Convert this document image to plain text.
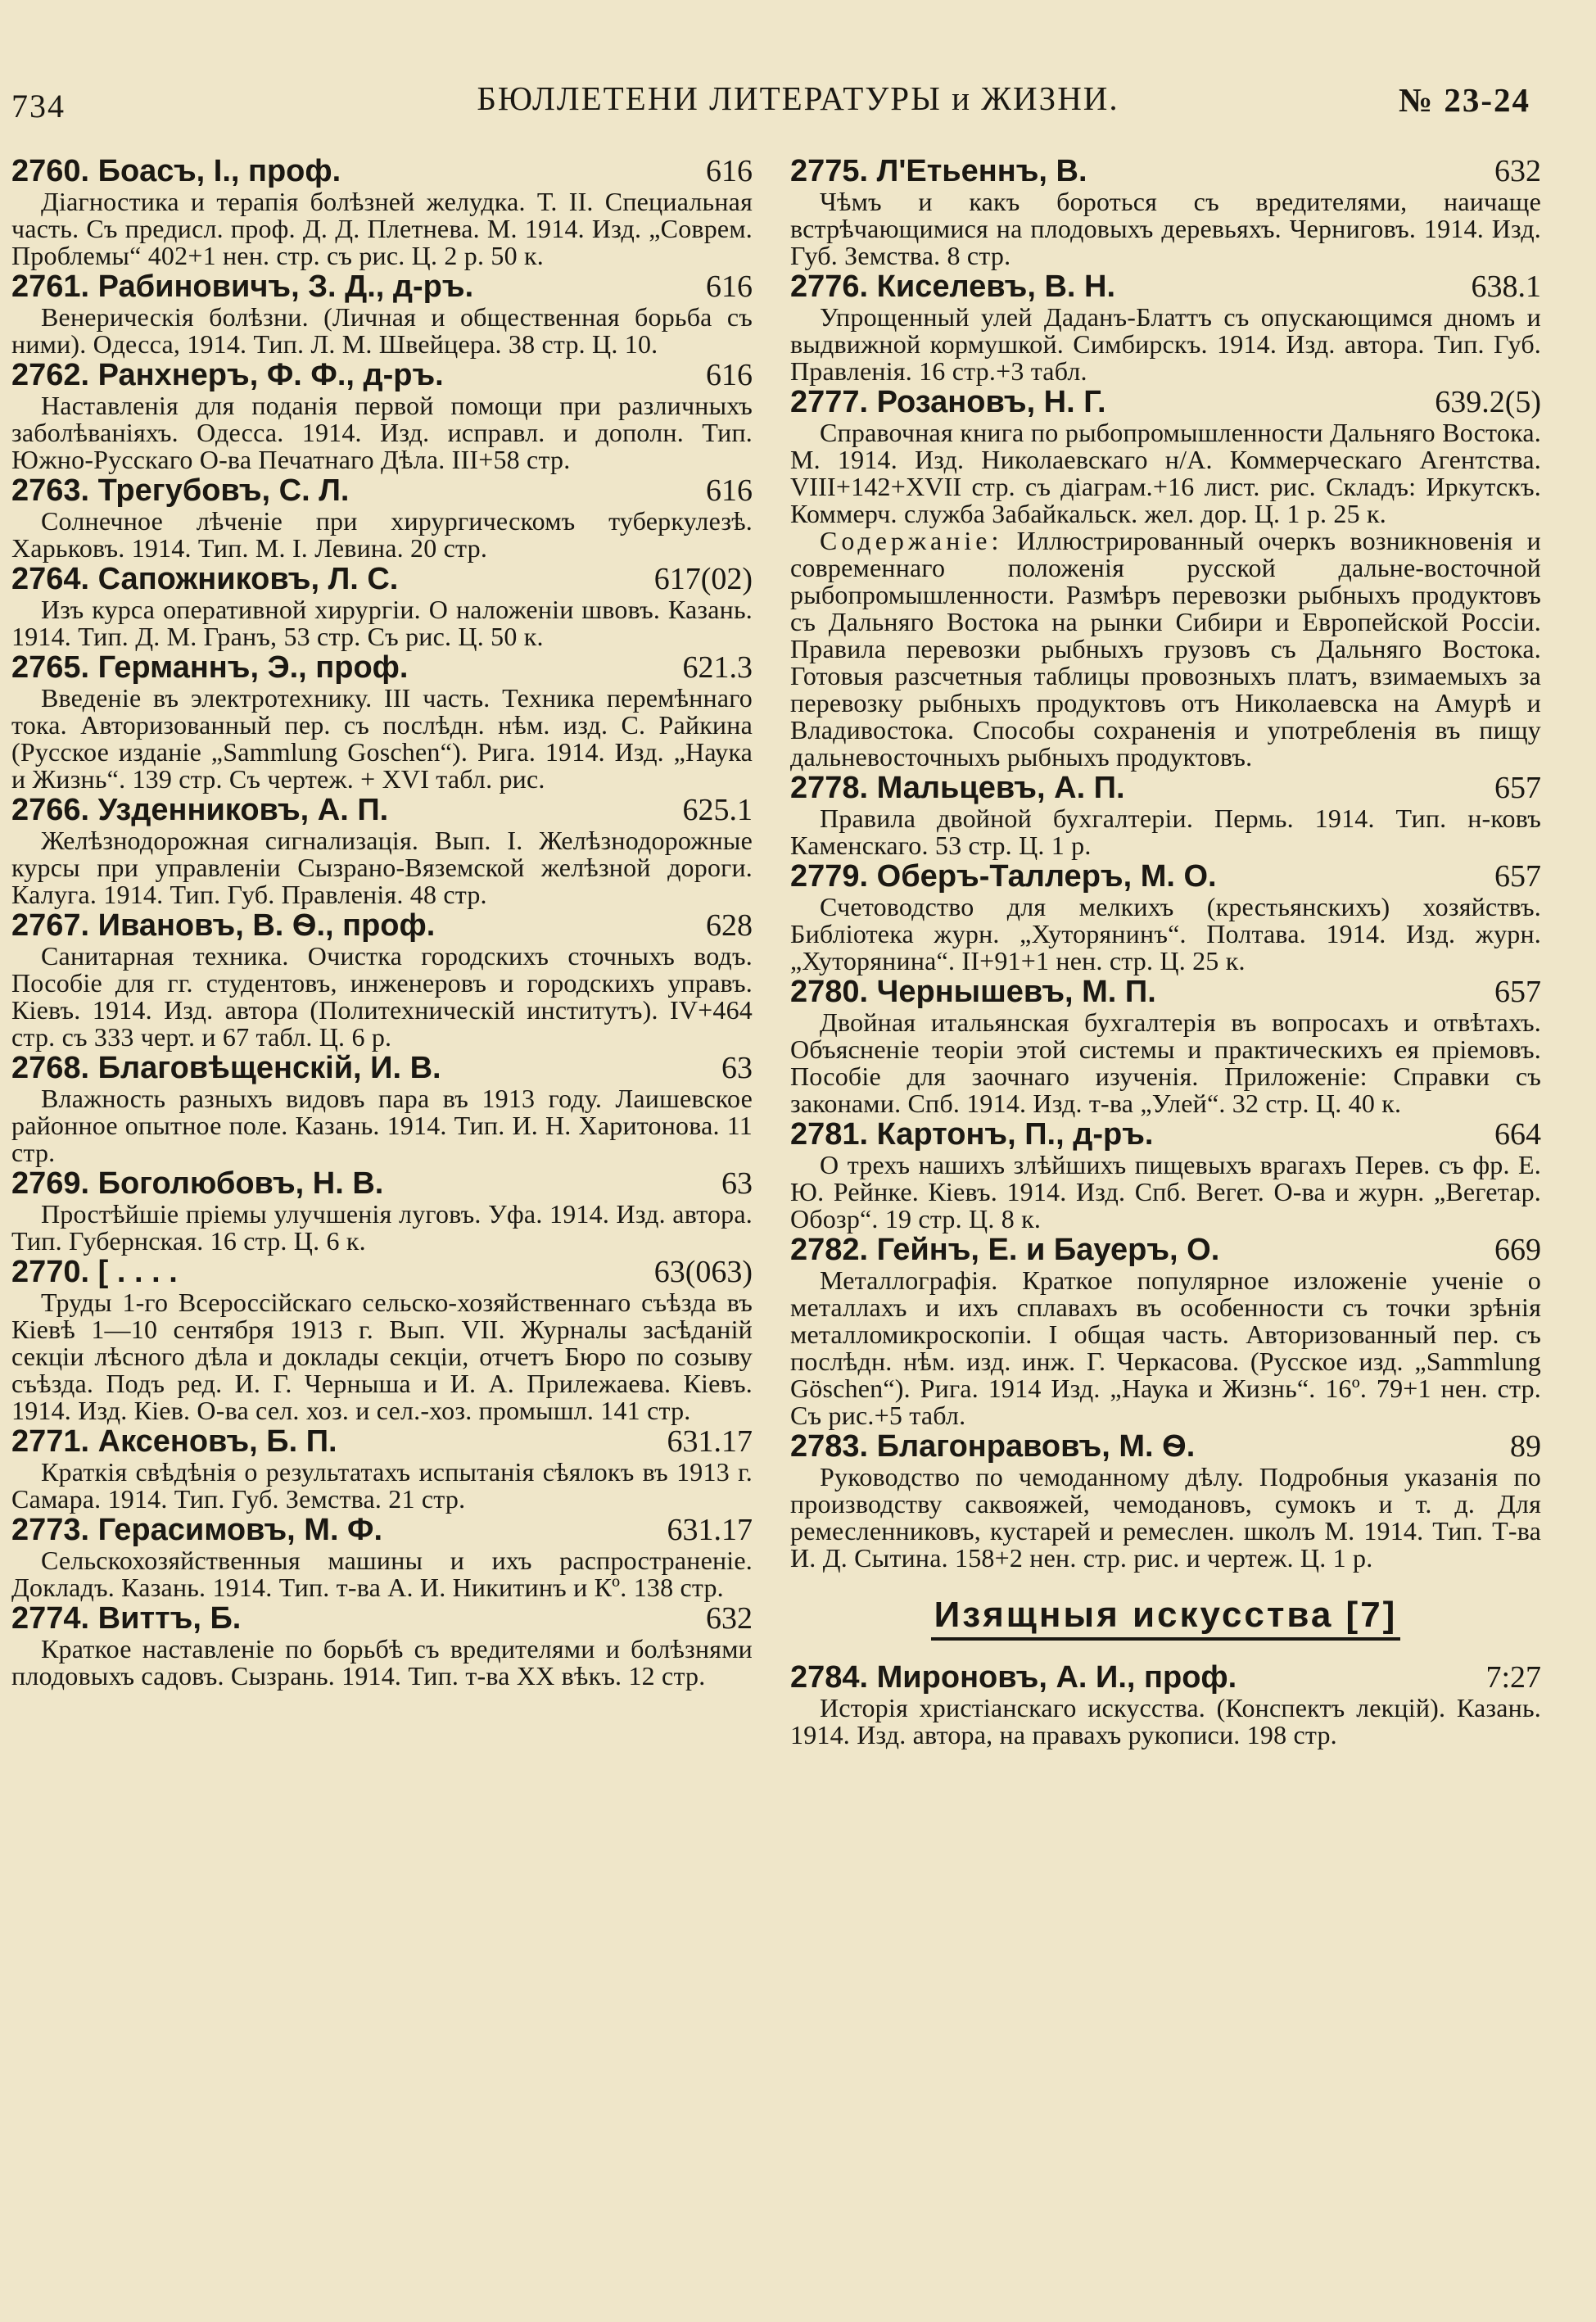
734	БЮЛЛЕТЕНИ ЛИТЕРАТУРЫ и ЖИЗНИ.	№ 23-24
2760. Боасъ, I., проф.	616

Діагностика и терапія болѣзней желудка. Т. II. Специальная часть. Съ предисл. проф. Д. Д. Плетнева. М. 1914. Изд. „Соврем. Проблемы“ 402+1 нен. стр. съ рис. Ц. 2 р. 50 к.

2761. Рабиновичъ, З. Д., д-ръ.	616

Венерическія болѣзни. (Личная и общественная борьба съ ними). Одесса, 1914. Тип. Л. М. Швейцера. 38 стр. Ц. 10.

2762. Ранхнеръ, Ф. Ф., д-ръ.	616

Наставленія для поданія первой помощи при различныхъ заболѣваніяхъ. Одесса. 1914. Изд. исправл. и дополн. Тип. Южно-Русскаго О-ва Печатнаго Дѣла. III+58 стр.

2763. Трегубовъ, С. Л.	616

Солнечное лѣченіе при хирургическомъ туберкулезѣ. Харьковъ. 1914. Тип. М. I. Левина. 20 стр.

2764. Сапожниковъ, Л. С.	617(02)

Изъ курса оперативной хирургіи. О наложеніи швовъ. Казань. 1914. Тип. Д. М. Гранъ, 53 стр. Съ рис. Ц. 50 к.

2765. Германнъ, Э., проф.	621.3

Введеніе въ электротехнику. III часть. Техника перемѣннаго тока. Авторизованный пер. съ послѣдн. нѣм. изд. С. Райкина (Русское изданіе „Sammlung Goschen“). Рига. 1914. Изд. „Наука и Жизнь“. 139 стр. Съ чертеж. + XVI табл. рис.

2766. Узденниковъ, А. П.	625.1

Желѣзнодорожная сигнализація. Вып. I. Желѣзнодорожные курсы при управленіи Сызрано-Вяземской желѣзной дороги. Калуга. 1914. Тип. Губ. Правленія. 48 стр.

2767. Ивановъ, В. Ѳ., проф.	628

Санитарная техника. Очистка городскихъ сточныхъ водъ. Пособіе для гг. студентовъ, инженеровъ и городскихъ управъ. Кіевъ. 1914. Изд. автора (Политехническій институтъ). IV+464 стр. съ 333 черт. и 67 табл. Ц. 6 р.

2768. Благовѣщенскій, И. В.	63

Влажность разныхъ видовъ пара въ 1913 году. Лаишевское районное опытное поле. Казань. 1914. Тип. И. Н. Харитонова. 11 стр.

2769. Боголюбовъ, Н. В.	63

Простѣйшіе пріемы улучшенія луговъ. Уфа. 1914. Изд. автора. Тип. Губернская. 16 стр. Ц. 6 к.

2770. [ . . . .	63(063)

Труды 1-го Всероссійскаго сельско-хозяйственнаго съѣзда въ Кіевѣ 1—10 сентября 1913 г. Вып. VII. Журналы засѣданій секціи лѣсного дѣла и доклады секціи, отчетъ Бюро по созыву съѣзда. Подъ ред. И. Г. Черныша и И. А. Прилежаева. Кіевъ. 1914. Изд. Кіев. О-ва сел. хоз. и сел.-хоз. промышл. 141 стр.

2771. Аксеновъ, Б. П.	631.17

Краткія свѣдѣнія о результатахъ испытанія сѣялокъ въ 1913 г. Самара. 1914. Тип. Губ. Земства. 21 стр.

2773. Герасимовъ, М. Ф.	631.17

Сельскохозяйственныя машины и ихъ распространеніе. Докладъ. Казань. 1914. Тип. т-ва А. И. Никитинъ и Кº. 138 стр.

2774. Виттъ, Б.	632

Краткое наставленіе по борьбѣ съ вредителями и болѣзнями плодовыхъ садовъ. Сызрань. 1914. Тип. т-ва XX вѣкъ. 12 стр.

2775. Л'Етьеннъ, В.	632

Чѣмъ и какъ бороться съ вредителями, наичаще встрѣчающимися на плодовыхъ деревьяхъ. Черниговъ. 1914. Изд. Губ. Земства. 8 стр.

2776. Киселевъ, В. Н.	638.1

Упрощенный улей Даданъ-Блаттъ съ опускающимся дномъ и выдвижной кормушкой. Симбирскъ. 1914. Изд. автора. Тип. Губ. Правленія. 16 стр.+3 табл.

2777. Розановъ, Н. Г.	639.2(5)

Справочная книга по рыбопромышленности Дальняго Востока. М. 1914. Изд. Николаевскаго н/А. Коммерческаго Агентства. VIII+142+XVII стр. съ діаграм.+16 лист. рис. Складъ: Иркутскъ. Коммерч. служба Забайкальск. жел. дор. Ц. 1 р. 25 к.

Содержаніе: Иллюстрированный очеркъ возникновенія и современнаго положенія русской дальне-восточной рыбопромышленности. Размѣръ перевозки рыбныхъ продуктовъ съ Дальняго Востока на рынки Сибири и Европейской Россіи. Правила перевозки рыбныхъ грузовъ съ Дальняго Востока. Готовыя разсчетныя таблицы провозныхъ платъ, взимаемыхъ за перевозку рыбныхъ продуктовъ отъ Николаевска на Амурѣ и Владивостока. Способы сохраненія и употребленія въ пищу дальневосточныхъ рыбныхъ продуктовъ.

2778. Мальцевъ, А. П.	657

Правила двойной бухгалтеріи. Пермь. 1914. Тип. н-ковъ Каменскаго. 53 стр. Ц. 1 р.

2779. Оберъ-Таллеръ, М. О.	657

Счетоводство для мелкихъ (крестьянскихъ) хозяйствъ. Библіотека журн. „Хуторянинъ“. Полтава. 1914. Изд. журн. „Хуторянина“. II+91+1 нен. стр. Ц. 25 к.

2780. Чернышевъ, М. П.	657

Двойная итальянская бухгалтерія въ вопросахъ и отвѣтахъ. Объясненіе теоріи этой системы и практическихъ ея пріемовъ. Пособіе для заочнаго изученія. Приложеніе: Справки съ законами. Спб. 1914. Изд. т-ва „Улей“. 32 стр. Ц. 40 к.

2781. Картонъ, П., д-ръ.	664

О трехъ нашихъ злѣйшихъ пищевыхъ врагахъ Перев. съ фр. Е. Ю. Рейнке. Кіевъ. 1914. Изд. Спб. Вегет. О-ва и журн. „Вегетар. Обозр“. 19 стр. Ц. 8 к.

2782. Гейнъ, Е. и Бауеръ, О.	669

Металлографія. Краткое популярное изложеніе ученіе о металлахъ и ихъ сплавахъ въ особенности съ точки зрѣнія металломикроскопіи. I общая часть. Авторизованный пер. съ послѣдн. нѣм. изд. инж. Г. Черкасова. (Русское изд. „Sammlung Göschen“). Рига. 1914 Изд. „Наука и Жизнь“. 16º. 79+1 нен. стр. Съ рис.+5 табл.

2783. Благонравовъ, М. Ѳ.	89

Руководство по чемоданному дѣлу. Подробныя указанія по производству саквояжей, чемодановъ, сумокъ и т. д. Для ремесленниковъ, кустарей и ремеслен. школъ М. 1914. Тип. Т-ва И. Д. Сытина. 158+2 нен. стр. рис. и чертеж. Ц. 1 р.

Изящныя искусства [7]
2784. Мироновъ, А. И., проф.	7:27

Исторія христіанскаго искусства. (Конспектъ лекцій). Казань. 1914. Изд. автора, на правахъ рукописи. 198 стр.
